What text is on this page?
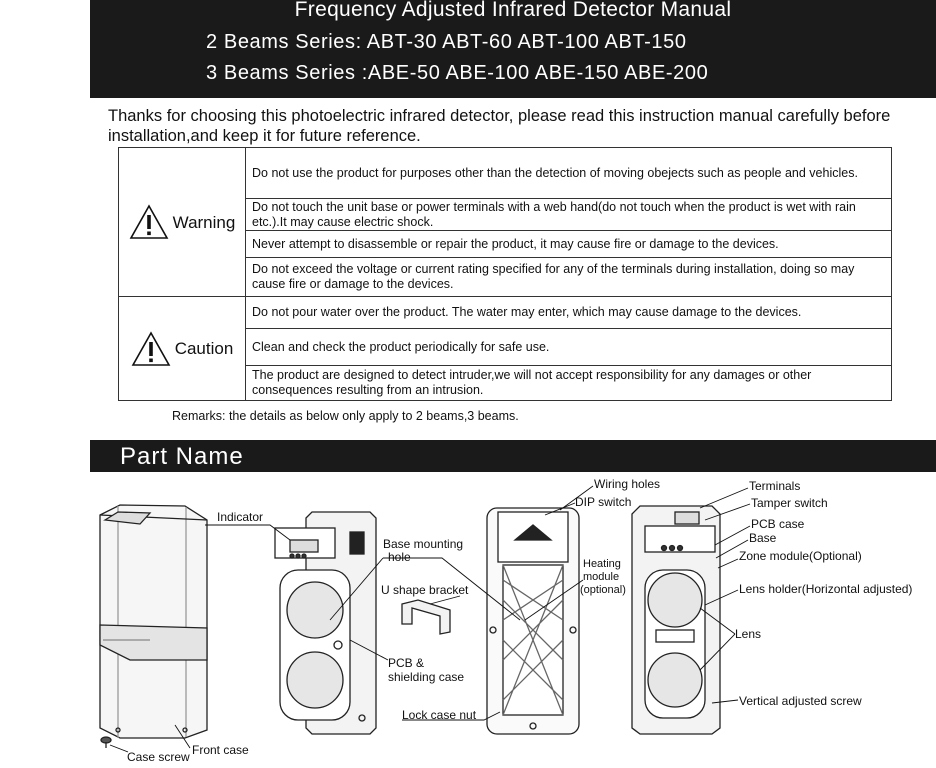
Frequency Adjusted Infrared Detector Manual
2 Beams Series: ABT-30 ABT-60 ABT-100 ABT-150
3 Beams Series :ABE-50 ABE-100 ABE-150 ABE-200
Thanks for choosing this photoelectric infrared detector, please read this instruction manual carefully before installation,and keep it for future reference.
Warning	Do not use the product for purposes other than the detection of moving obejects such as people and vehicles.
	Do not touch the unit base or power terminals with a web hand(do not touch when the product is wet with rain etc.).It may cause electric shock.
	Never attempt to disassemble or repair the product, it may cause fire or damage to the devices.
	Do not exceed the voltage or current rating specified for any of the terminals during installation, doing so may cause fire or damage to the devices.

Caution	Do not pour water over the product. The water may enter, which may cause damage to the devices.
	Clean and check the product periodically for safe use.
	The product are designed to detect intruder,we will not accept responsibility for any damages or other consequences resulting from an intrusion.
Remarks: the details as below only apply to 2 beams,3 beams.
Part Name
Indicator
Base mounting
hole
U shape bracket
PCB &
shielding case
Lock case nut
Front case
Case screw
Wiring holes
DIP switch
Heating
module
(optional)
Terminals
Tamper switch
PCB case
Base
Zone module(Optional)
Lens holder(Horizontal adjusted)
Lens
Vertical adjusted screw
